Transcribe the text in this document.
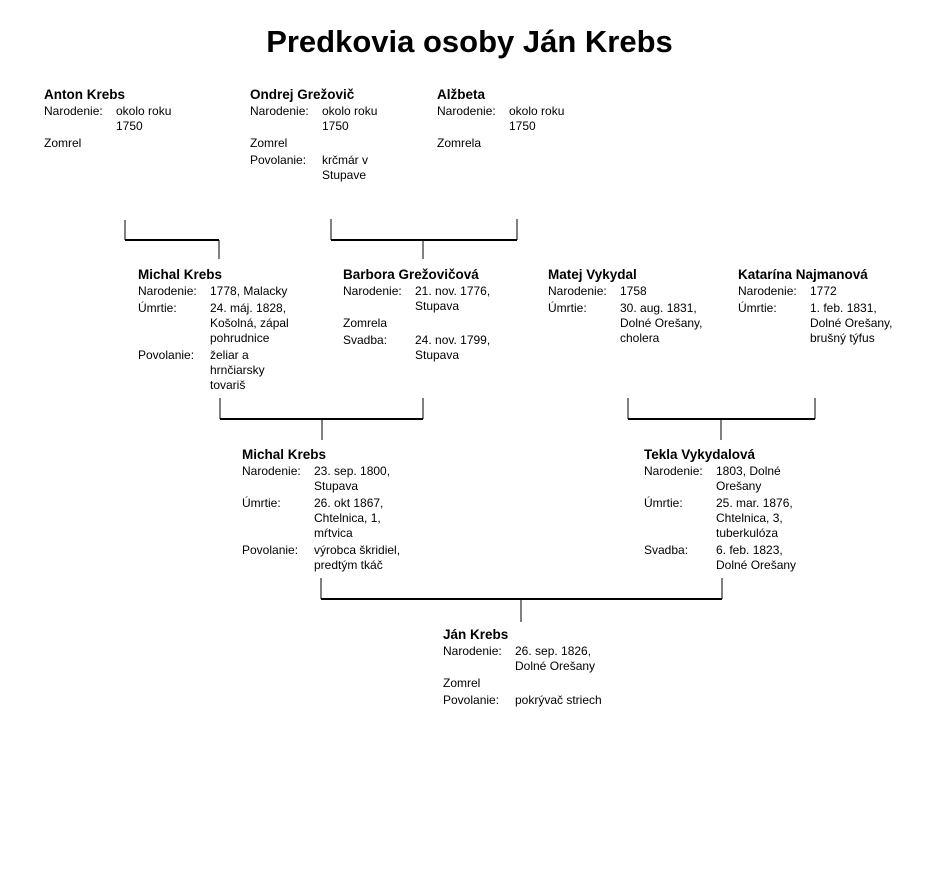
Predkovia osoby Ján Krebs
Anton Krebs
Narodenie:	okolo roku
1750
Zomrel
Ondrej Grežovič
Narodenie:	okolo roku
1750
Zomrel
Povolanie:	krčmár v
Stupave
Alžbeta
Narodenie:	okolo roku
1750
Zomrela
Michal Krebs
Narodenie:	1778, Malacky
Úmrtie:	24. máj. 1828,
Košolná, zápal
pohrudnice
Povolanie:	želiar a
hrnčiarsky
tovariš
Barbora Grežovičová
Narodenie:	21. nov. 1776,
Stupava
Zomrela
Svadba:	24. nov. 1799,
Stupava
Matej Vykydal
Narodenie:	1758
Úmrtie:	30. aug. 1831,
Dolné Orešany,
cholera
Katarína Najmanová
Narodenie:	1772
Úmrtie:	1. feb. 1831,
Dolné Orešany,
brušný týfus
Michal Krebs
Narodenie:	23. sep. 1800,
Stupava
Úmrtie:	26. okt 1867,
Chtelnica, 1,
mŕtvica
Povolanie:	výrobca škridiel,
predtým tkáč
Tekla Vykydalová
Narodenie:	1803, Dolné
Orešany
Úmrtie:	25. mar. 1876,
Chtelnica, 3,
tuberkulóza
Svadba:	6. feb. 1823,
Dolné Orešany
Ján Krebs
Narodenie:	26. sep. 1826,
Dolné Orešany
Zomrel
Povolanie:	pokrývač striech
